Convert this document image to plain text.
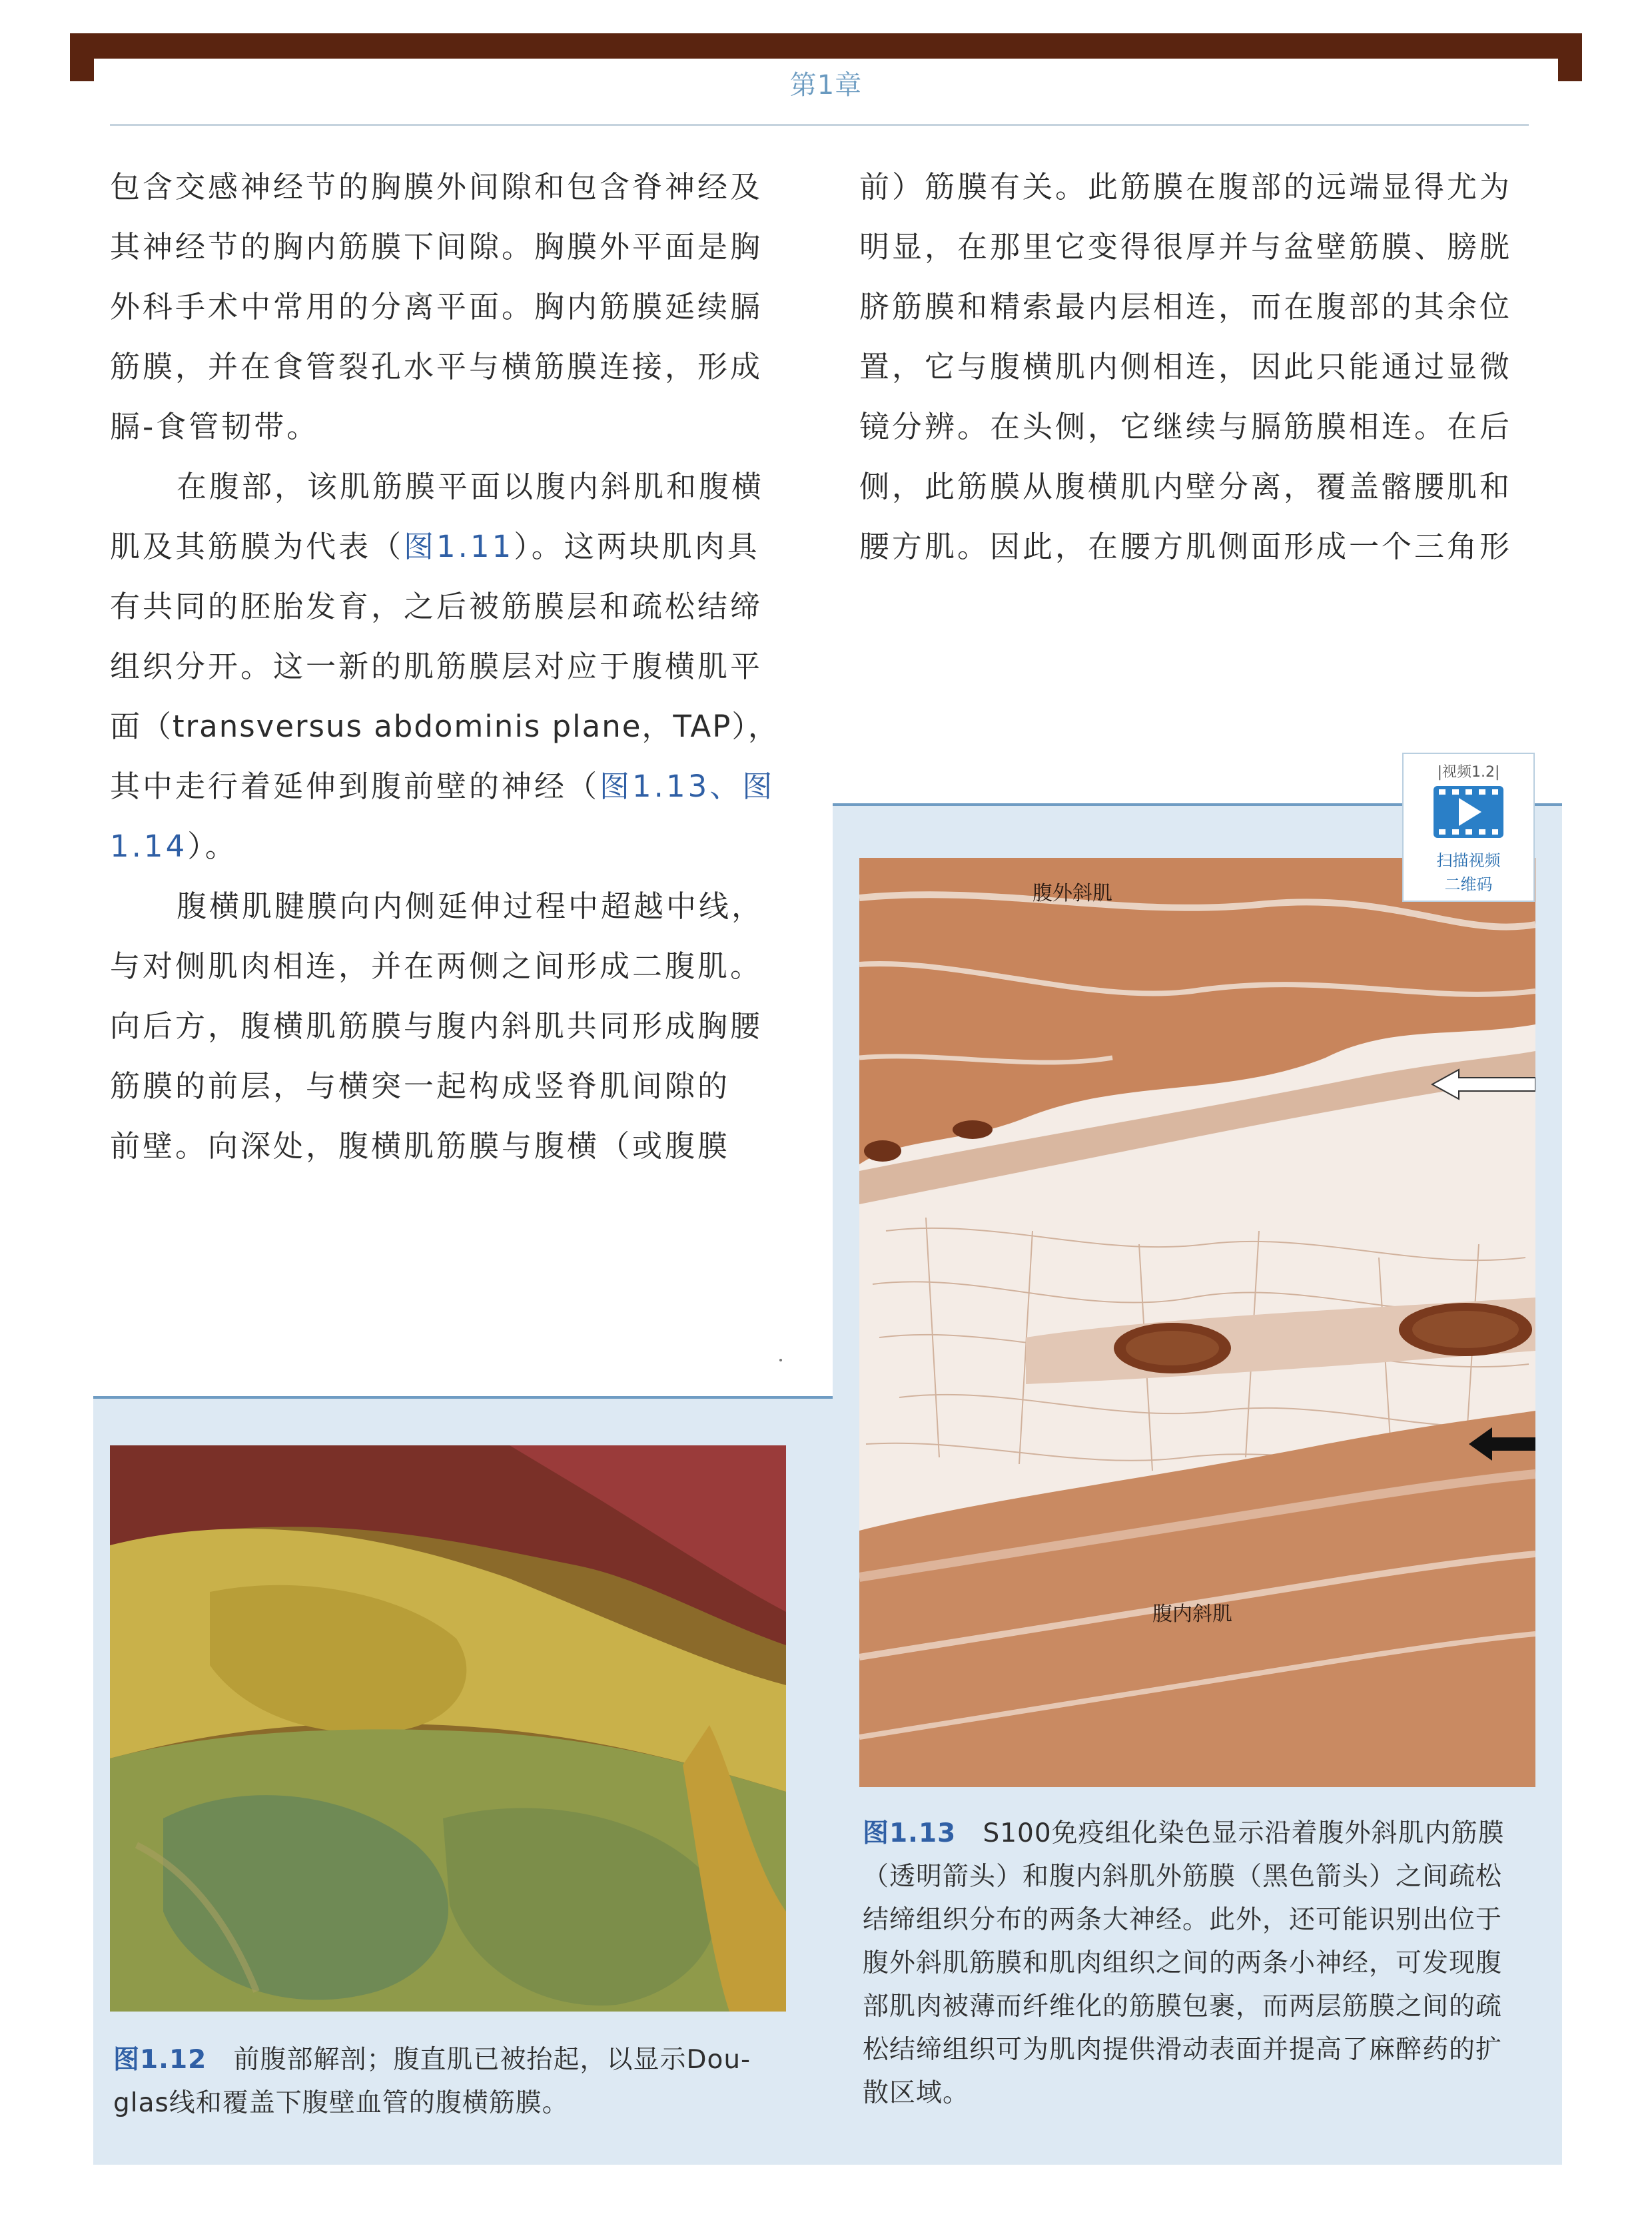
第1章

包含交感神经节的胸膜外间隙和包含脊神经及
其神经节的胸内筋膜下间隙。胸膜外平面是胸
外科手术中常用的分离平面。胸内筋膜延续膈
筋膜，并在食管裂孔水平与横筋膜连接，形成
膈-食管韧带。

在腹部，该肌筋膜平面以腹内斜肌和腹横
肌及其筋膜为代表（图1.11）。这两块肌肉具
有共同的胚胎发育，之后被筋膜层和疏松结缔
组织分开。这一新的肌筋膜层对应于腹横肌平
面（transversus abdominis plane，TAP），
其中走行着延伸到腹前壁的神经（图1.13、图
1.14）。

腹横肌腱膜向内侧延伸过程中超越中线，
与对侧肌肉相连，并在两侧之间形成二腹肌。
向后方，腹横肌筋膜与腹内斜肌共同形成胸腰
筋膜的前层，与横突一起构成竖脊肌间隙的
前壁。向深处，腹横肌筋膜与腹横（或腹膜

前）筋膜有关。此筋膜在腹部的远端显得尤为
明显，在那里它变得很厚并与盆壁筋膜、膀胱
脐筋膜和精索最内层相连，而在腹部的其余位
置，它与腹横肌内侧相连，因此只能通过显微
镜分辨。在头侧，它继续与膈筋膜相连。在后
侧，此筋膜从腹横肌内壁分离，覆盖髂腰肌和
腰方肌。因此，在腰方肌侧面形成一个三角形
腹外斜肌
腹内斜肌
图1.13 S100免疫组化染色显示沿着腹外斜肌内筋膜
（透明箭头）和腹内斜肌外筋膜（黑色箭头）之间疏松
结缔组织分布的两条大神经。此外，还可能识别出位于
腹外斜肌筋膜和肌肉组织之间的两条小神经，可发现腹
部肌肉被薄而纤维化的筋膜包裹，而两层筋膜之间的疏
松结缔组织可为肌肉提供滑动表面并提高了麻醉药的扩
散区域。
|视频1.2|
扫描视频
二维码
图1.12 前腹部解剖；腹直肌已被抬起，以显示Dou-
glas线和覆盖下腹壁血管的腹横筋膜。
